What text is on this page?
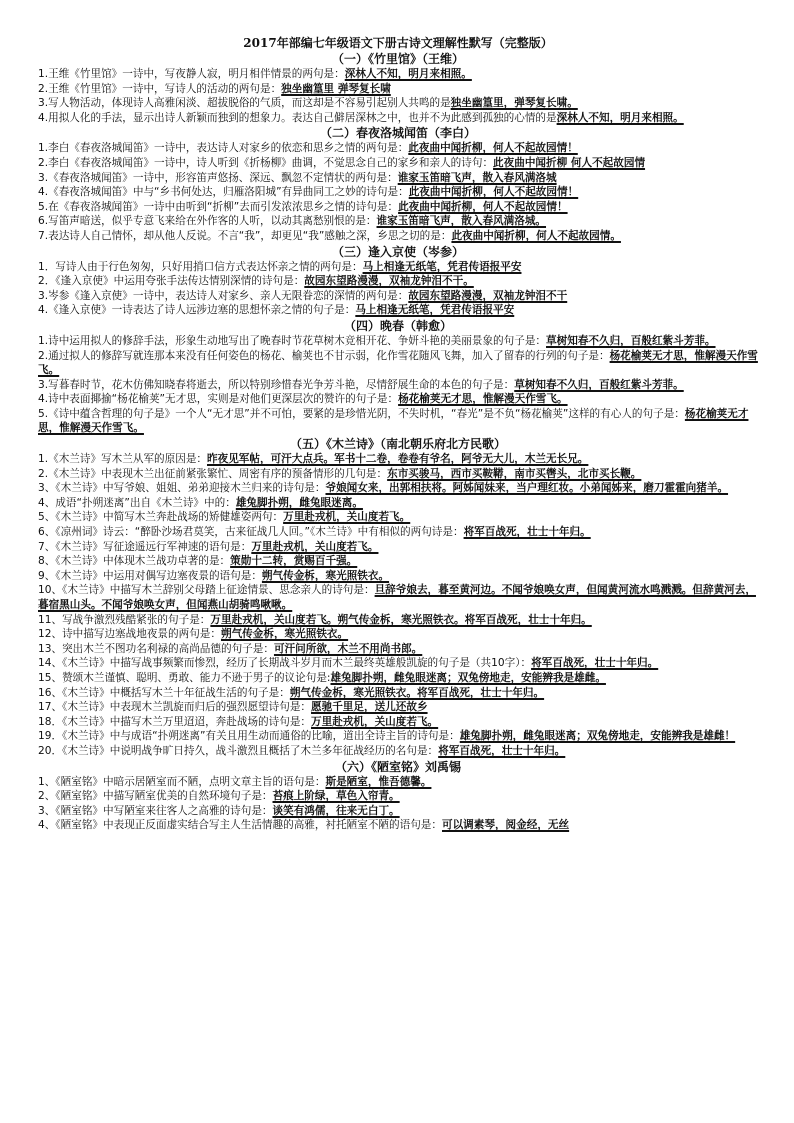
2017年部编七年级语文下册古诗文理解性默写（完整版）

（一）《竹里馆》（王维）

1.王维《竹里馆》一诗中，写夜静人寂，明月相伴情景的两句是：深林人不知，明月来相照。

2.王维《竹里馆》一诗中，写诗人的活动的两句是：独坐幽篁里 弹琴复长啸

3.写人物活动，体现诗人高雅闲淡、超拔脱俗的气质，而这却是不容易引起别人共鸣的是独坐幽篁里，弹琴复长啸。

4.用拟人化的手法，显示出诗人新颖而独到的想象力。表达自己僻居深林之中，也并不为此感到孤独的心情的是深林人不知，明月来相照。

（二）春夜洛城闻笛（李白）

1.李白《春夜洛城闻笛》一诗中，表达诗人对家乡的依恋和思乡之情的两句是：此夜曲中闻折柳，何人不起故园情！

2.李白《春夜洛城闻笛》一诗中，诗人听到《折杨柳》曲调，不觉思念自己的家乡和亲人的诗句：此夜曲中闻折柳 何人不起故园情

3.《春夜洛城闻笛》一诗中，形容笛声悠扬、深远、飘忽不定情状的两句是：谁家玉笛暗飞声，散入春风满洛城

4.《春夜洛城闻笛》中与“乡书何处达，归雁洛阳城”有异曲同工之妙的诗句是：此夜曲中闻折柳，何人不起故园情！

5.在《春夜洛城闻笛》一诗中由听到“折柳”去而引发浓浓思乡之情的诗句是：此夜曲中闻折柳，何人不起故园情！

6.写笛声暗送，似乎专意飞来给在外作客的人听，以动其离愁别恨的是：谁家玉笛暗飞声，散入春风满洛城。

7.表达诗人自己情怀，却从他人反说。不言“我”，却更见“我”感触之深，乡思之切的是：此夜曲中闻折柳，何人不起故园情。

（三）逢入京使（岑参）

1．写诗人由于行色匆匆，只好用捎口信方式表达怀亲之情的两句是：马上相逢无纸笔，凭君传语报平安

2．《逢入京使》中运用夸张手法传达情别深情的诗句是：故园东望路漫漫，双袖龙钟泪不干。

3.岑参《逢入京使》一诗中，表达诗人对家乡、亲人无限眷恋的深情的两句是：故园东望路漫漫，双袖龙钟泪不干

4.《逢入京使》一诗表达了诗人远涉边塞的思想怀亲之情的句子是：马上相逢无纸笔，凭君传语报平安

（四）晚春（韩愈）

1.诗中运用拟人的修辞手法，形象生动地写出了晚春时节花草树木竞相开花、争妍斗艳的美丽景象的句子是：草树知春不久归，百般红紫斗芳菲。

2.通过拟人的修辞写就连那本来没有任何姿色的杨花、榆荚也不甘示弱，化作雪花随风飞舞，加入了留春的行列的句子是：杨花榆荚无才思，惟解漫天作雪飞。

3.写暮春时节，花木仿佛知晓春将逝去，所以特别珍惜春光争芳斗艳，尽情舒展生命的本色的句子是：草树知春不久归，百般红紫斗芳菲。

4.诗中表面揶揄“杨花榆荚”无才思，实则是对他们更深层次的赞许的句子是：杨花榆荚无才思，惟解漫天作雪飞。

5.《诗中蕴含哲理的句子是》一个人“无才思”并不可怕，要紧的是珍惜光阴，不失时机，“春光”是不负“杨花榆荚”这样的有心人的句子是：杨花榆荚无才思，惟解漫天作雪飞。

（五）《木兰诗》（南北朝乐府北方民歌）

1.《木兰诗》写木兰从军的原因是：昨夜见军帖，可汗大点兵。军书十二卷，卷卷有爷名，阿爷无大儿，木兰无长兄。

2.《木兰诗》中表现木兰出征前紧张繁忙、周密有序的预备情形的几句是：东市买骏马，西市买鞍鞯，南市买辔头，北市买长鞭。

3、《木兰诗》中写爷娘、姐姐、弟弟迎接木兰归来的诗句是：爷娘闻女来，出郭相扶将。阿姊闻妹来，当户理红妆。小弟闻姊来，磨刀霍霍向猪羊。

4、成语“扑朔迷离”出自《木兰诗》中的：雄兔脚扑朔，雌兔眼迷离。

5、《木兰诗》中简写木兰奔赴战场的矫健雄姿两句：万里赴戎机，关山度若飞。

6、《凉州词》诗云：“醉卧沙场君莫笑，古来征战几人回。”《木兰诗》中有相似的两句诗是：将军百战死，壮士十年归。

7、《木兰诗》写征途遥远行军神速的语句是：万里赴戎机，关山度若飞。

8、《木兰诗》中体现木兰战功卓著的是：策勋十二转，赏赐百千强。

9、《木兰诗》中运用对偶写边塞夜景的语句是：朔气传金柝，寒光照铁衣。

10、《木兰诗》中描写木兰辞别父母踏上征途情景、思念亲人的诗句是：旦辞爷娘去，暮至黄河边。不闻爷娘唤女声，但闻黄河流水鸣溅溅。但辞黄河去，暮宿黑山头。不闻爷娘唤女声，但闻燕山胡骑鸣啾啾。

11、写战争激烈残酷紧张的句子是：万里赴戎机，关山度若飞。朔气传金柝，寒光照铁衣。将军百战死，壮士十年归。

12、诗中描写边塞战地夜景的两句是：朔气传金柝，寒光照铁衣。

13、突出木兰不图功名利禄的高尚品德的句子是：可汗问所欲，木兰不用尚书郎。

14、《木兰诗》中描写战事频繁而惨烈，经历了长期战斗岁月而木兰最终英雄般凯旋的句子是（共10字）：将军百战死，壮士十年归。

15、赞颂木兰谨慎、聪明、勇敢、能力不逊于男子的议论句是:雄兔脚扑朔，雌兔眼迷离；双兔傍地走，安能辨我是雄雌。

16、《木兰诗》中概括写木兰十年征战生活的句子是：朔气传金柝，寒光照铁衣。将军百战死，壮士十年归。

17、《木兰诗》中表现木兰凯旋而归后的强烈愿望诗句是：愿驰千里足，送儿还故乡

18．《木兰诗》中描写木兰万里迢迢，奔赴战场的诗句是：万里赴戎机，关山度若飞。

19．《木兰诗》中与成语“扑朔迷离”有关且用生动而通俗的比喻，道出全诗主旨的诗句是：雄兔脚扑朔，雌兔眼迷离；双兔傍地走，安能辨我是雄雌！

20．《木兰诗》中说明战争旷日持久，战斗激烈且概括了木兰多年征战经历的名句是：将军百战死，壮士十年归。

（六）《陋室铭》刘禹锡

1、《陋室铭》中暗示居陋室而不陋，点明文章主旨的语句是：斯是陋室，惟吾德馨。

2、《陋室铭》中描写陋室优美的自然环境句子是：苔痕上阶绿，草色入帘青。

3、《陋室铭》中写陋室来往客人之高雅的诗句是：谈笑有鸿儒，往来无白丁。

4、《陋室铭》中表现正反面虚实结合写主人生活情趣的高雅，衬托陋室不陋的语句是：可以调素琴，阅金经，无丝
